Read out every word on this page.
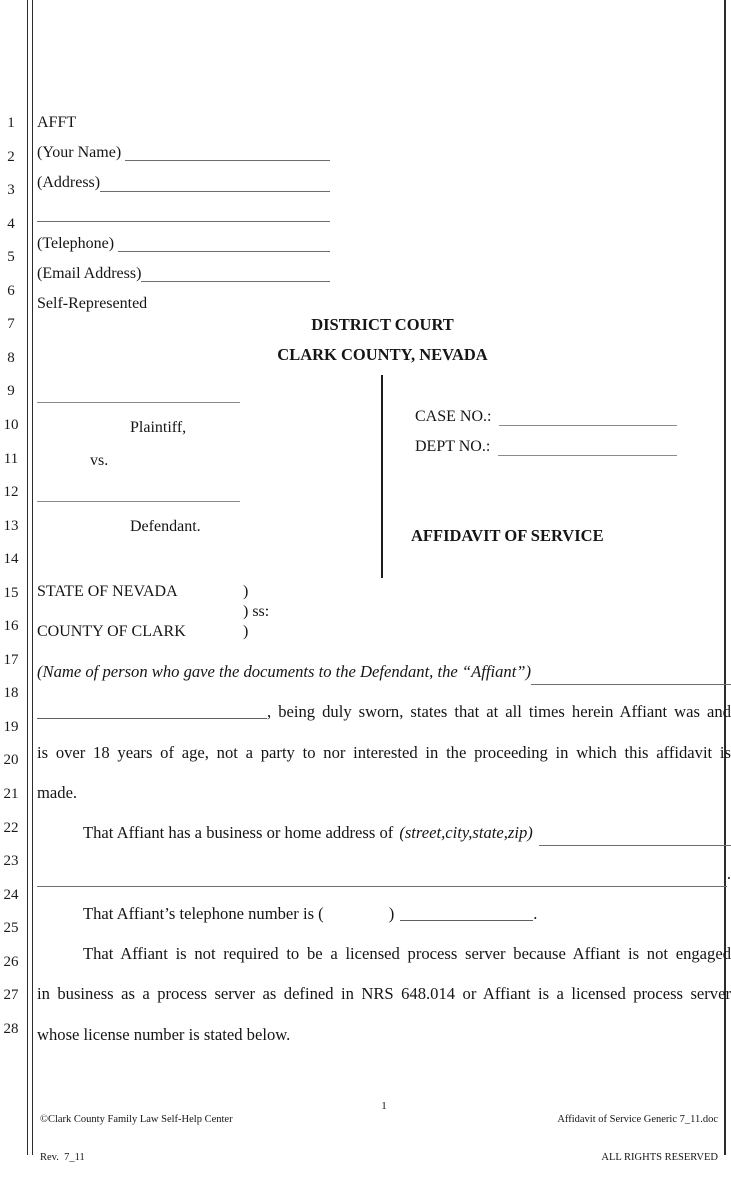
1
2
3
4
5
6
7
8
9
10
11
12
13
14
15
16
17
18
19
20
21
22
23
24
25
26
27
28
AFFT
(Your Name)
(Address)
(Telephone)
(Email Address)
Self-Represented
DISTRICT COURT
CLARK COUNTY, NEVADA
Plaintiff,
vs.
Defendant.
CASE NO.:
DEPT NO.:
AFFIDAVIT OF SERVICE
STATE OF NEVADA	)
) ss:
COUNTY OF CLARK	)
(Name of person who gave the documents to the Defendant, the “Affiant”)
, being duly sworn, states that at all times herein Affiant was and
is over 18 years of age, not a party to nor interested in the proceeding in which this affidavit is
made.
That Affiant has a business or home address of (street,city,state,zip)
.
That Affiant’s telephone number is (	)	.
That Affiant is not required to be a licensed process server because Affiant is not engaged
in business as a process server as defined in NRS 648.014 or Affiant is a licensed process server
whose license number is stated below.

©Clark County Family Law Self-Help Center

Rev.  7_11

1

Affidavit of Service Generic 7_11.doc

ALL RIGHTS RESERVED
